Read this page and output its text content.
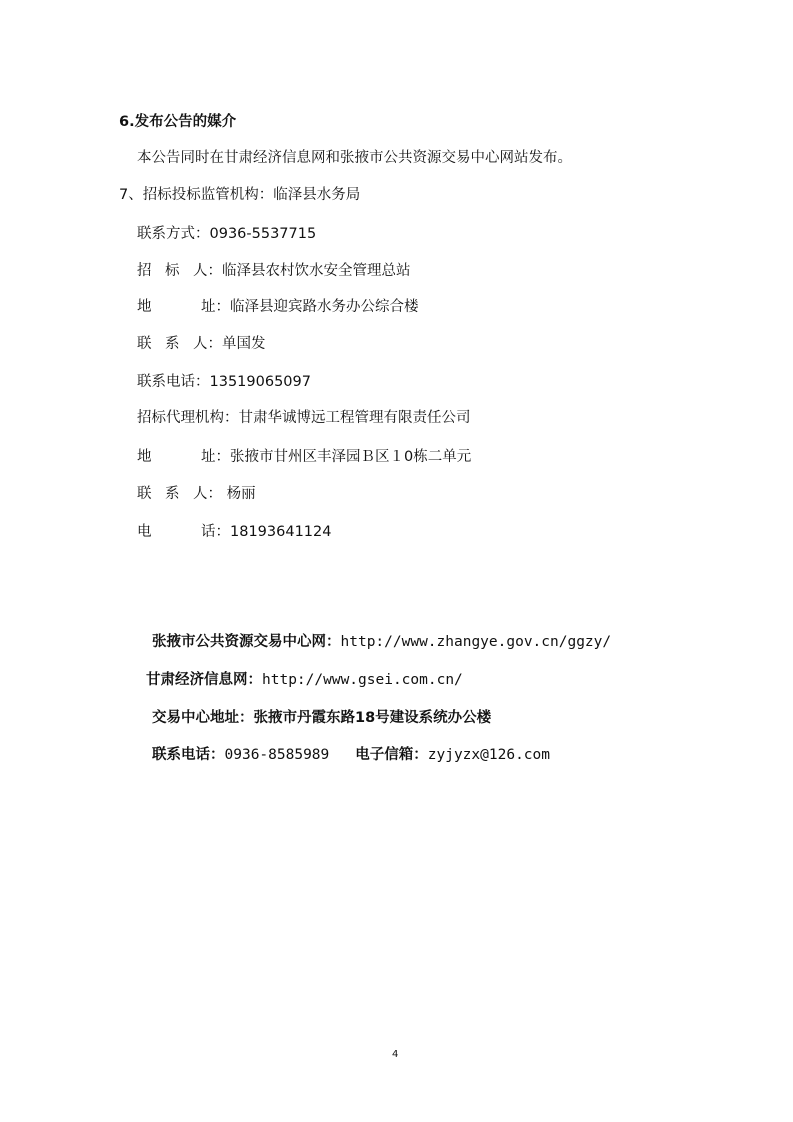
6.发布公告的媒介
本公告同时在甘肃经济信息网和张掖市公共资源交易中心网站发布。
7、招标投标监管机构：临泽县水务局
联系方式：0936-5537715
招 标 人：临泽县农村饮水安全管理总站
地	址：临泽县迎宾路水务办公综合楼
联 系 人：单国发
联系电话：13519065097
招标代理机构：甘肃华诚博远工程管理有限责任公司
地	址：张掖市甘州区丰泽园Ｂ区１0栋二单元
联 系 人： 杨丽
电	话：18193641124
张掖市公共资源交易中心网：http://www.zhangye.gov.cn/ggzy/
甘肃经济信息网：http://www.gsei.com.cn/
交易中心地址：张掖市丹霞东路18号建设系统办公楼
联系电话：0936-8585989 电子信箱：zyjyzx@126.com
4
